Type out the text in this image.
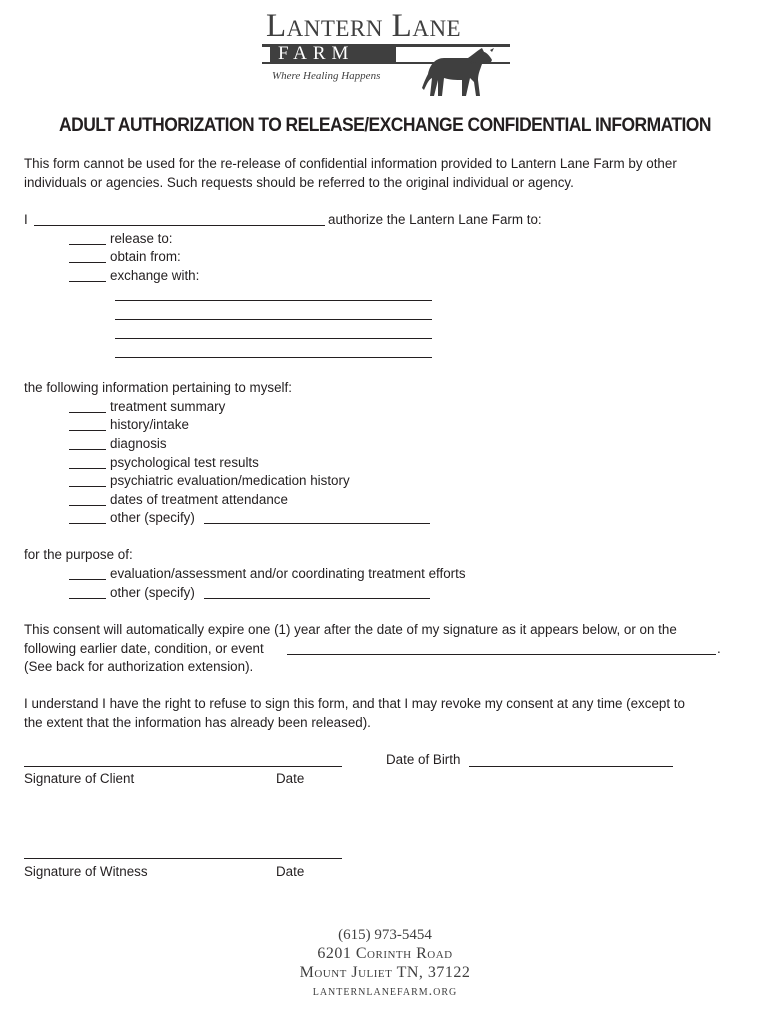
Lantern Lane
FARM
Where Healing Happens
ADULT AUTHORIZATION TO RELEASE/EXCHANGE CONFIDENTIAL INFORMATION
This form cannot be used for the re-release of confidential information provided to Lantern Lane Farm by other
individuals or agencies. Such requests should be referred to the original individual or agency.
I	authorize the Lantern Lane Farm to:
release to:
obtain from:
exchange with:
the following information pertaining to myself:
treatment summary
history/intake
diagnosis
psychological test results
psychiatric evaluation/medication history
dates of treatment attendance
other (specify)
for the purpose of:
evaluation/assessment and/or coordinating treatment efforts
other (specify)
This consent will automatically expire one (1) year after the date of my signature as it appears below, or on the
following earlier date, condition, or event	.
(See back for authorization extension).
I understand I have the right to refuse to sign this form, and that I may revoke my consent at any time (except to
the extent that the information has already been released).
Date of Birth
Signature of Client	Date
Signature of Witness	Date
(615) 973-5454
6201 Corinth Road
Mount Juliet TN, 37122
lanternlanefarm.org
